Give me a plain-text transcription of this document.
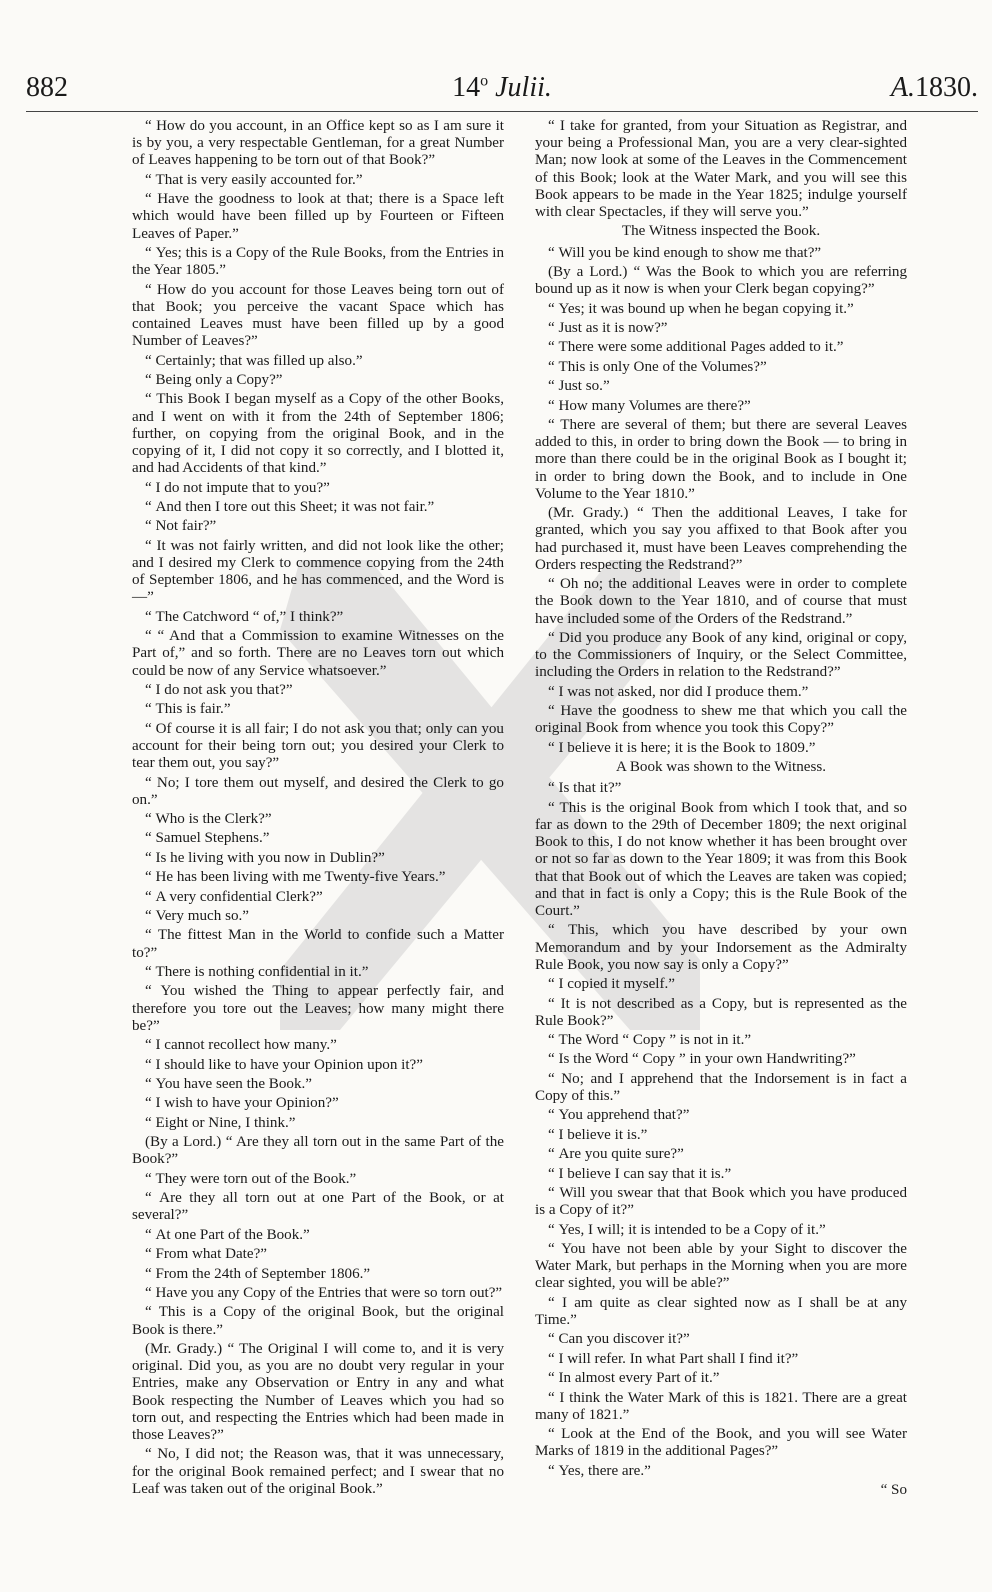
882	14$^o$ Julii.	A.1830.

“ How do you account, in an Office kept so as I am sure it is by you, a very respectable Gentleman, for a great Number of Leaves happening to be torn out of that Book?”

“ That is very easily accounted for.”

“ Have the goodness to look at that; there is a Space left which would have been filled up by Fourteen or Fifteen Leaves of Paper.”

“ Yes; this is a Copy of the Rule Books, from the Entries in the Year 1805.”

“ How do you account for those Leaves being torn out of that Book; you perceive the vacant Space which has contained Leaves must have been filled up by a good Number of Leaves?”

“ Certainly; that was filled up also.”

“ Being only a Copy?”

“ This Book I began myself as a Copy of the other Books, and I went on with it from the 24th of September 1806; further, on copying from the original Book, and in the copying of it, I did not copy it so correctly, and I blotted it, and had Accidents of that kind.”

“ I do not impute that to you?”

“ And then I tore out this Sheet; it was not fair.”

“ Not fair?”

“ It was not fairly written, and did not look like the other; and I desired my Clerk to commence copying from the 24th of September 1806, and he has commenced, and the Word is—”

“ The Catchword “ of,” I think?”

“ “ And that a Commission to examine Witnesses on the Part of,” and so forth. There are no Leaves torn out which could be now of any Service whatsoever.”

“ I do not ask you that?”

“ This is fair.”

“ Of course it is all fair; I do not ask you that; only can you account for their being torn out; you desired your Clerk to tear them out, you say?”

“ No; I tore them out myself, and desired the Clerk to go on.”

“ Who is the Clerk?”

“ Samuel Stephens.”

“ Is he living with you now in Dublin?”

“ He has been living with me Twenty-five Years.”

“ A very confidential Clerk?”

“ Very much so.”

“ The fittest Man in the World to confide such a Matter to?”

“ There is nothing confidential in it.”

“ You wished the Thing to appear perfectly fair, and therefore you tore out the Leaves; how many might there be?”

“ I cannot recollect how many.”

“ I should like to have your Opinion upon it?”

“ You have seen the Book.”

“ I wish to have your Opinion?”

“ Eight or Nine, I think.”

(By a Lord.) “ Are they all torn out in the same Part of the Book?”

“ They were torn out of the Book.”

“ Are they all torn out at one Part of the Book, or at several?”

“ At one Part of the Book.”

“ From what Date?”

“ From the 24th of September 1806.”

“ Have you any Copy of the Entries that were so torn out?”

“ This is a Copy of the original Book, but the original Book is there.”

(Mr. Grady.) “ The Original I will come to, and it is very original. Did you, as you are no doubt very regular in your Entries, make any Observation or Entry in any and what Book respecting the Number of Leaves which you had so torn out, and respecting the Entries which had been made in those Leaves?”

“ No, I did not; the Reason was, that it was unnecessary, for the original Book remained perfect; and I swear that no Leaf was taken out of the original Book.”

“ I take for granted, from your Situation as Registrar, and your being a Professional Man, you are a very clear-sighted Man; now look at some of the Leaves in the Commencement of this Book; look at the Water Mark, and you will see this Book appears to be made in the Year 1825; indulge yourself with clear Spectacles, if they will serve you.”

The Witness inspected the Book.

“ Will you be kind enough to show me that?”

(By a Lord.) “ Was the Book to which you are referring bound up as it now is when your Clerk began copying?”

“ Yes; it was bound up when he began copying it.”

“ Just as it is now?”

“ There were some additional Pages added to it.”

“ This is only One of the Volumes?”

“ Just so.”

“ How many Volumes are there?”

“ There are several of them; but there are several Leaves added to this, in order to bring down the Book — to bring in more than there could be in the original Book as I bought it; in order to bring down the Book, and to include in One Volume to the Year 1810.”

(Mr. Grady.) “ Then the additional Leaves, I take for granted, which you say you affixed to that Book after you had purchased it, must have been Leaves comprehending the Orders respecting the Redstrand?”

“ Oh no; the additional Leaves were in order to complete the Book down to the Year 1810, and of course that must have included some of the Orders of the Redstrand.”

“ Did you produce any Book of any kind, original or copy, to the Commissioners of Inquiry, or the Select Committee, including the Orders in relation to the Redstrand?”

“ I was not asked, nor did I produce them.”

“ Have the goodness to shew me that which you call the original Book from whence you took this Copy?”

“ I believe it is here; it is the Book to 1809.”

A Book was shown to the Witness.

“ Is that it?”

“ This is the original Book from which I took that, and so far as down to the 29th of December 1809; the next original Book to this, I do not know whether it has been brought over or not so far as down to the Year 1809; it was from this Book that that Book out of which the Leaves are taken was copied; and that in fact is only a Copy; this is the Rule Book of the Court.”

“ This, which you have described by your own Memorandum and by your Indorsement as the Admiralty Rule Book, you now say is only a Copy?”

“ I copied it myself.”

“ It is not described as a Copy, but is represented as the Rule Book?”

“ The Word “ Copy ” is not in it.”

“ Is the Word “ Copy ” in your own Handwriting?”

“ No; and I apprehend that the Indorsement is in fact a Copy of this.”

“ You apprehend that?”

“ I believe it is.”

“ Are you quite sure?”

“ I believe I can say that it is.”

“ Will you swear that that Book which you have produced is a Copy of it?”

“ Yes, I will; it is intended to be a Copy of it.”

“ You have not been able by your Sight to discover the Water Mark, but perhaps in the Morning when you are more clear sighted, you will be able?”

“ I am quite as clear sighted now as I shall be at any Time.”

“ Can you discover it?”

“ I will refer. In what Part shall I find it?”

“ In almost every Part of it.”

“ I think the Water Mark of this is 1821. There are a great many of 1821.”

“ Look at the End of the Book, and you will see Water Marks of 1819 in the additional Pages?”

“ Yes, there are.”

“ So
